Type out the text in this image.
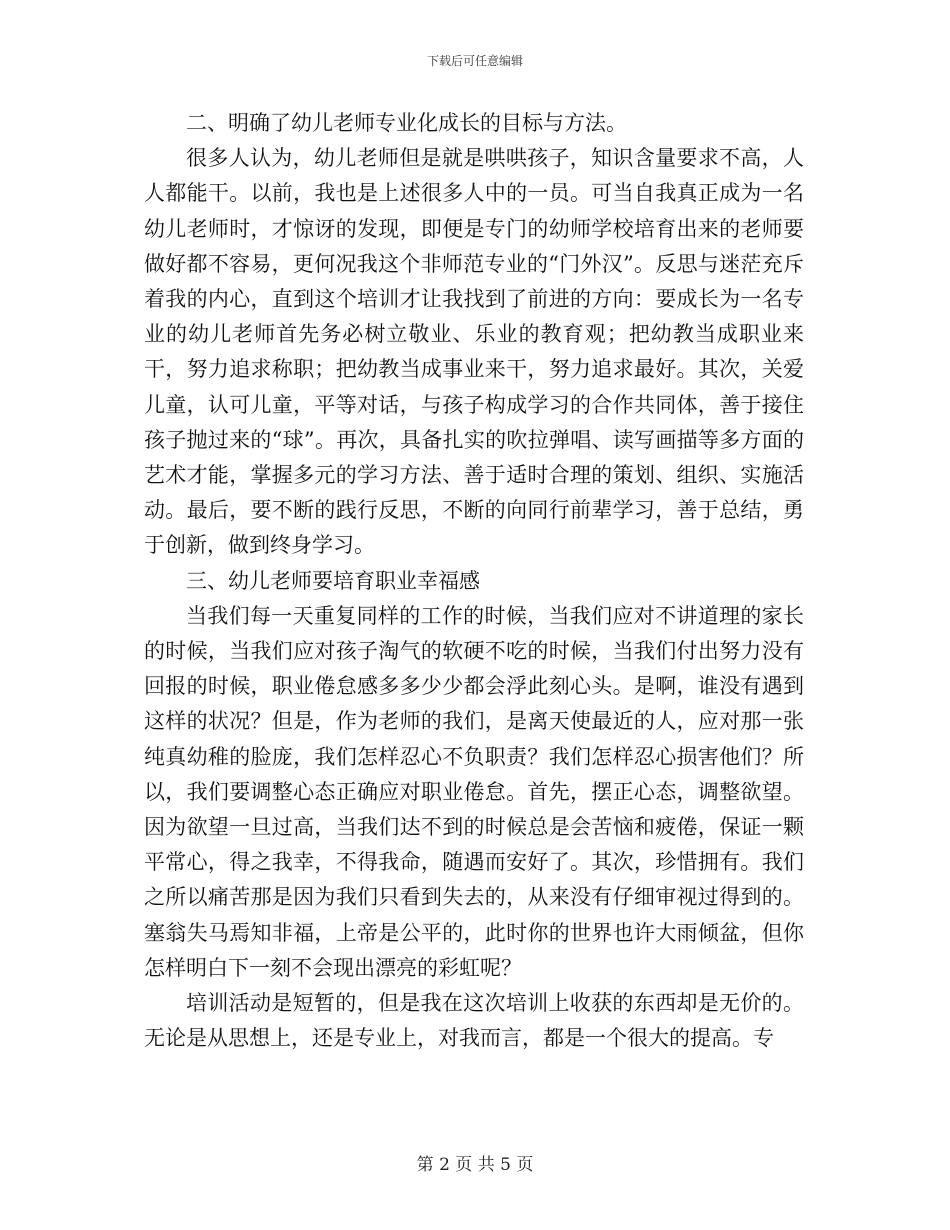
下载后可任意编辑

二、明确了幼儿老师专业化成长的目标与方法。

很多人认为，幼儿老师但是就是哄哄孩子，知识含量要求不高，人人都能干。以前，我也是上述很多人中的一员。可当自我真正成为一名幼儿老师时，才惊讶的发现，即便是专门的幼师学校培育出来的老师要做好都不容易，更何况我这个非师范专业的“门外汉”。反思与迷茫充斥着我的内心，直到这个培训才让我找到了前进的方向：要成长为一名专业的幼儿老师首先务必树立敬业、乐业的教育观；把幼教当成职业来干，努力追求称职；把幼教当成事业来干，努力追求最好。其次，关爱儿童，认可儿童，平等对话，与孩子构成学习的合作共同体，善于接住孩子抛过来的“球”。再次，具备扎实的吹拉弹唱、读写画描等多方面的艺术才能，掌握多元的学习方法、善于适时合理的策划、组织、实施活动。最后，要不断的践行反思，不断的向同行前辈学习，善于总结，勇于创新，做到终身学习。

三、幼儿老师要培育职业幸福感

当我们每一天重复同样的工作的时候，当我们应对不讲道理的家长的时候，当我们应对孩子淘气的软硬不吃的时候，当我们付出努力没有回报的时候，职业倦怠感多多少少都会浮此刻心头。是啊，谁没有遇到这样的状况？但是，作为老师的我们，是离天使最近的人，应对那一张纯真幼稚的脸庞，我们怎样忍心不负职责？我们怎样忍心损害他们？所以，我们要调整心态正确应对职业倦怠。首先，摆正心态，调整欲望。因为欲望一旦过高，当我们达不到的时候总是会苦恼和疲倦，保证一颗平常心，得之我幸，不得我命，随遇而安好了。其次，珍惜拥有。我们之所以痛苦那是因为我们只看到失去的，从来没有仔细审视过得到的。塞翁失马焉知非福，上帝是公平的，此时你的世界也许大雨倾盆，但你怎样明白下一刻不会现出漂亮的彩虹呢？

培训活动是短暂的，但是我在这次培训上收获的东西却是无价的。无论是从思想上，还是专业上，对我而言，都是一个很大的提高。专

第 2 页 共 5 页
